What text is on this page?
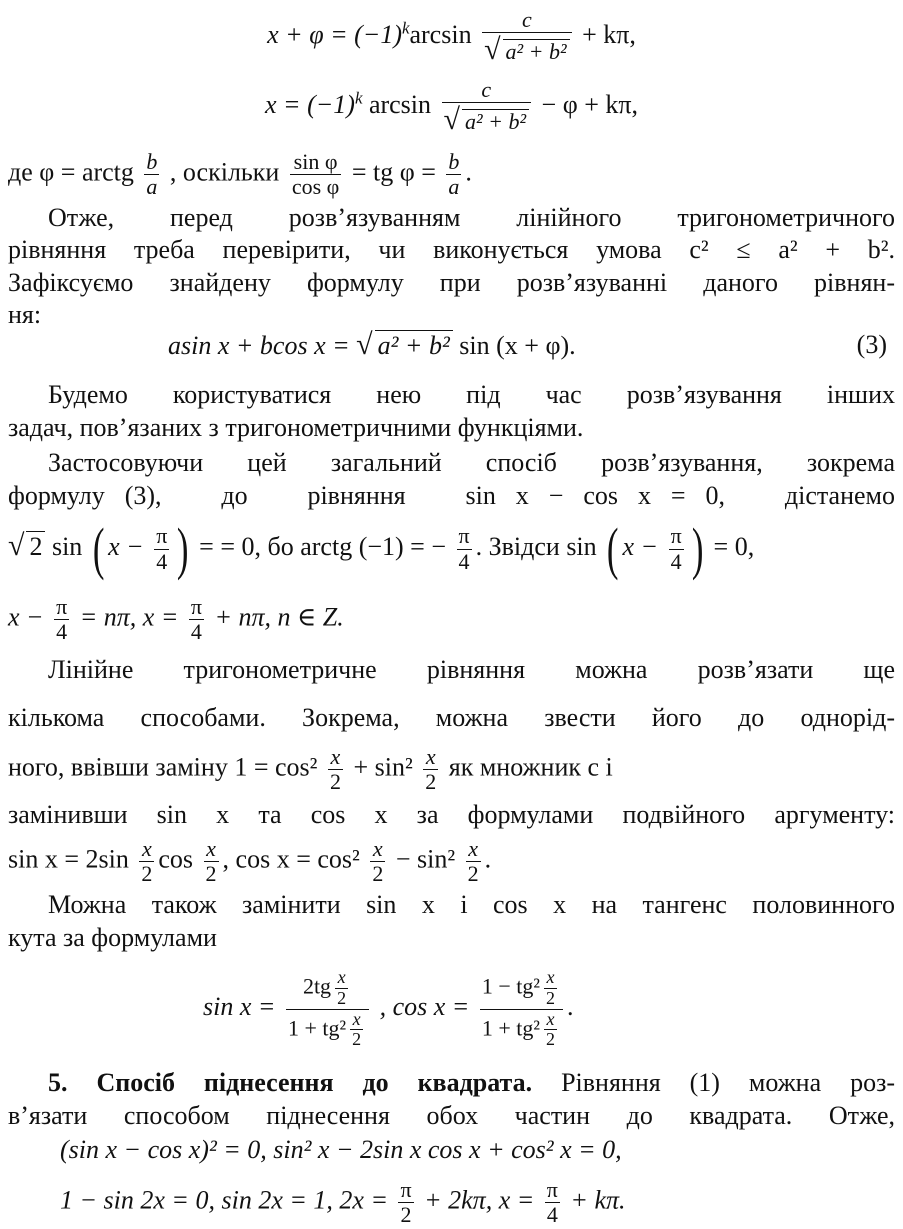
$x + \varphi = (-1)^k\arcsin \frac{c}{\text{√ a² + b²}} + k\pi$,
$x = (-1)^k$ $\arcsin \frac{c}{\text{√ a² + b²}} - \varphi + k\pi$,
де φ = arctg $\frac{b}{a}$ , оскільки $\frac{\text{sin φ}}{\text{cos φ}}$ = tg $\varphi = \frac{b}{a}$ .
Отже, перед розв’язуванням лінійного тригонометричного
рівняння треба перевірити, чи виконується умова c² ≤ a² + b².
Зафіксуємо знайдену формулу при розв’язуванні даного рівнян-
ня:
asin x + bcos x = √ a² + b² sin (x + φ).	(3)
Будемо користуватися нею під час розв’язування інших
задач, пов’язаних з тригонометричними функціями.
Застосовуючи цей загальний спосіб розв’язування, зокрема
формулу (3),   до   рівняння   sin x − cos x = 0,   дістанемо
√ 2 sin ( $x - \frac{\pi}{4}$ ) = = 0, бо arctg (−1) = − $\frac{\pi}{4}$ . Звідси sin ( $x - \frac{\pi}{4}$ ) = 0,
$x - \frac{\pi}{4} = n\pi$, $x = \frac{\pi}{4} + n\pi$, n ∈ Z.
Лінійне тригонометричне рівняння можна розв’язати ще
кількома способами. Зокрема, можна звести його до однорід-
ного, ввівши заміну $1 = \cos^2 \frac{x}{2} + \sin^2 \frac{x}{2}$ як множник c і
замінивши sin x та cos x за формулами подвійного аргументу:
$\sin x = 2\sin \frac{x}{2}$ $\cos \frac{x}{2}$ , $\cos x = \cos^2 \frac{x}{2} - \sin^2 \frac{x}{2}$ .
Можна також замінити sin x і cos x на тангенс половинного
кута за формулами
$\sin x = \frac{2tg \frac{x}{2}}{1 + tg^2 \frac{x}{2}}$ , $\cos x = \frac{1 - tg^2 \frac{x}{2}}{1 + tg^2 \frac{x}{2}}$ .
5. Спосіб піднесення до квадрата. Рівняння (1) можна роз-
в’язати способом піднесення обох частин до квадрата. Отже,
(sin x − cos x)² = 0, sin² x − 2sin x cos x + cos² x = 0,
1 − sin 2x = 0, sin 2x = 1, $2x = \frac{\pi}{2} + 2k\pi$, $x = \frac{\pi}{4} + k\pi$.
